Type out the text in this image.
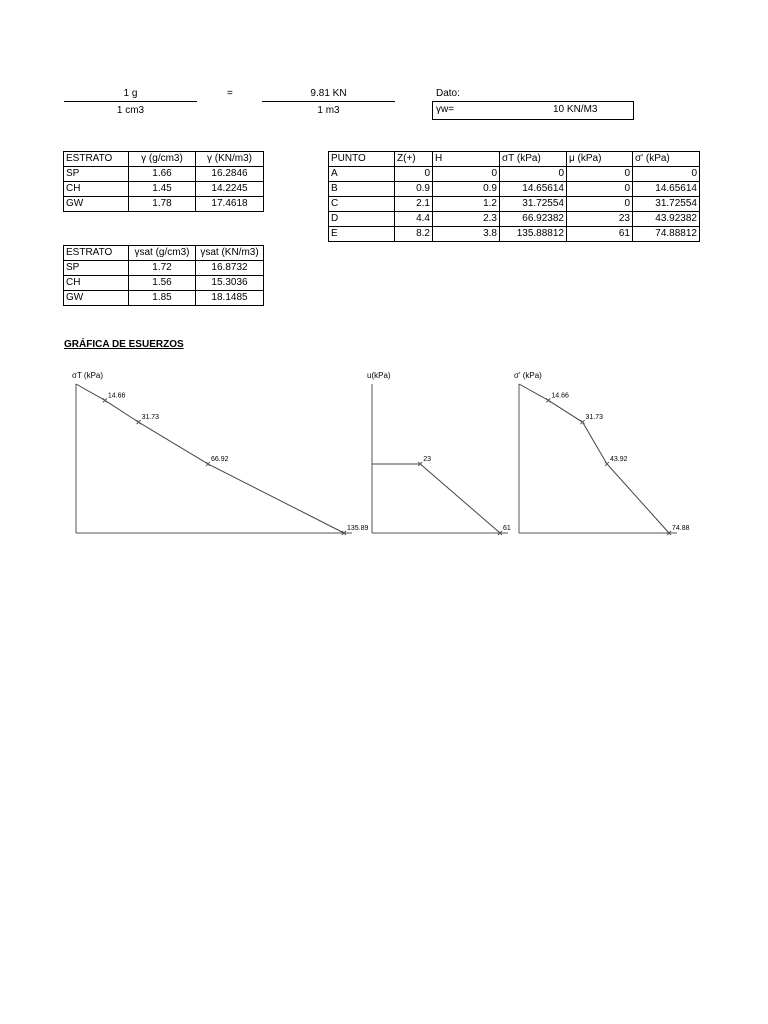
1 g
1 cm3
=	9.81 KN
1 m3
Dato:
γw=	10 KN/M3
ESTRATO	γ (g/cm3)	γ (KN/m3)
SP	1.66	16.2846
CH	1.45	14.2245
GW	1.78	17.4618
ESTRATO	γsat (g/cm3)	γsat (KN/m3)
SP	1.72	16.8732
CH	1.56	15.3036
GW	1.85	18.1485
PUNTO	Z(+)	H	σT (kPa)	μ (kPa)	σ' (kPa)
A	0	0	0	0	0
B	0.9	0.9	14.65614	0	14.65614
C	2.1	1.2	31.72554	0	31.72554
D	4.4	2.3	66.92382	23	43.92382
E	8.2	3.8	135.88812	61	74.88812
GRÁFICA DE ESUERZOS
σT (kPa)
14.66
31.73
66.92
135.89
u(kPa)
23
61
σ' (kPa)
14.66
31.73
43.92
74.88
